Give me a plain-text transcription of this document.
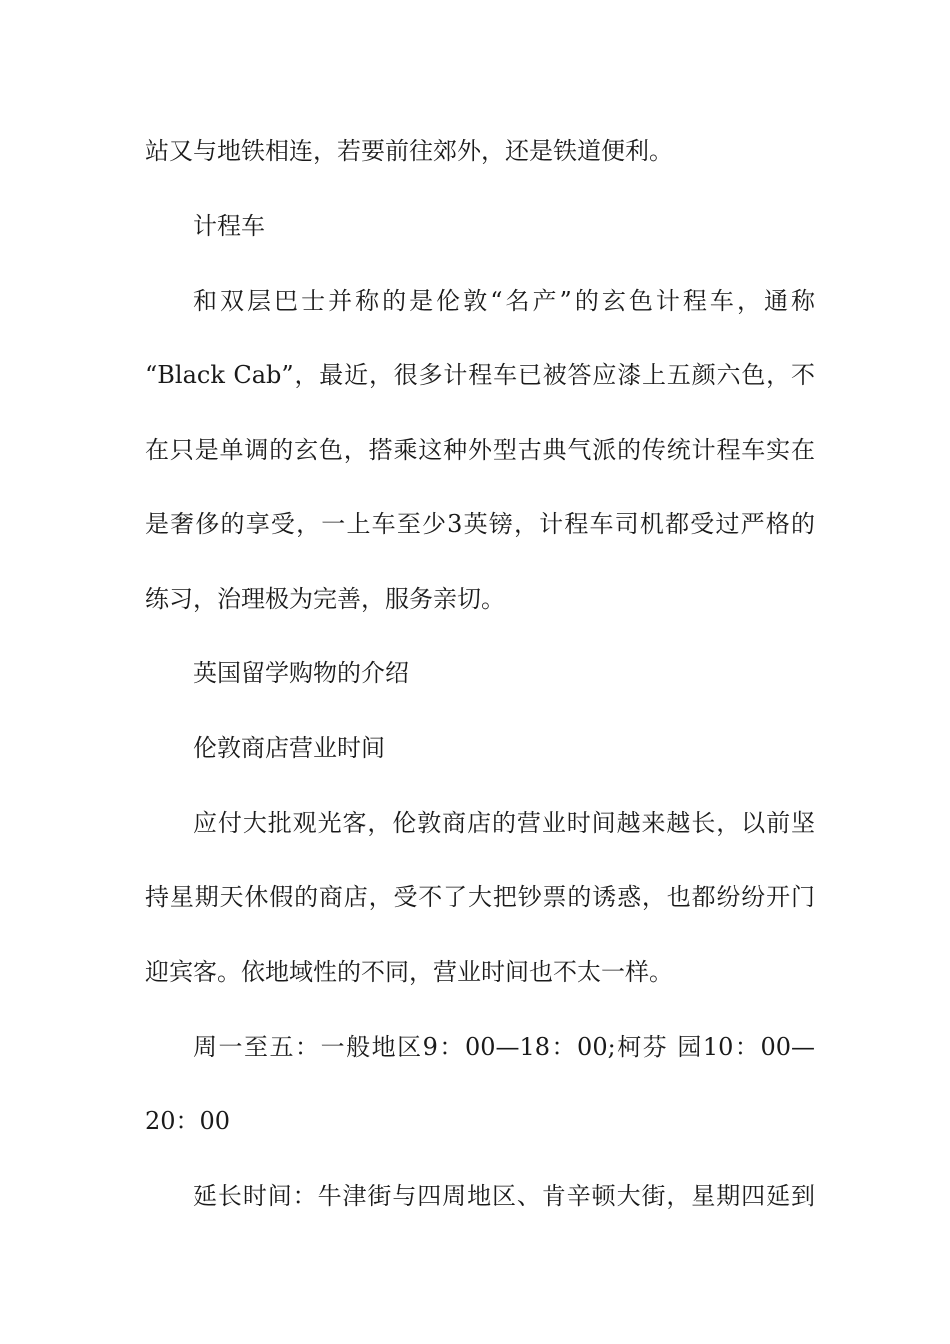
站又与地铁相连，若要前往郊外，还是铁道便利。
计程车
和双层巴士并称的是伦敦“名产”的玄色计程车，通称
“Black Cab”，最近，很多计程车已被答应漆上五颜六色，不
在只是单调的玄色，搭乘这种外型古典气派的传统计程车实在
是奢侈的享受，一上车至少3英镑，计程车司机都受过严格的
练习，治理极为完善，服务亲切。
英国留学购物的介绍
伦敦商店营业时间
应付大批观光客，伦敦商店的营业时间越来越长，以前坚
持星期天休假的商店，受不了大把钞票的诱惑，也都纷纷开门
迎宾客。依地域性的不同，营业时间也不太一样。
周一至五：一般地区9：00—18：00;柯芬 园10：00—
20：00
延长时间：牛津街与四周地区、肯辛顿大街，星期四延到
